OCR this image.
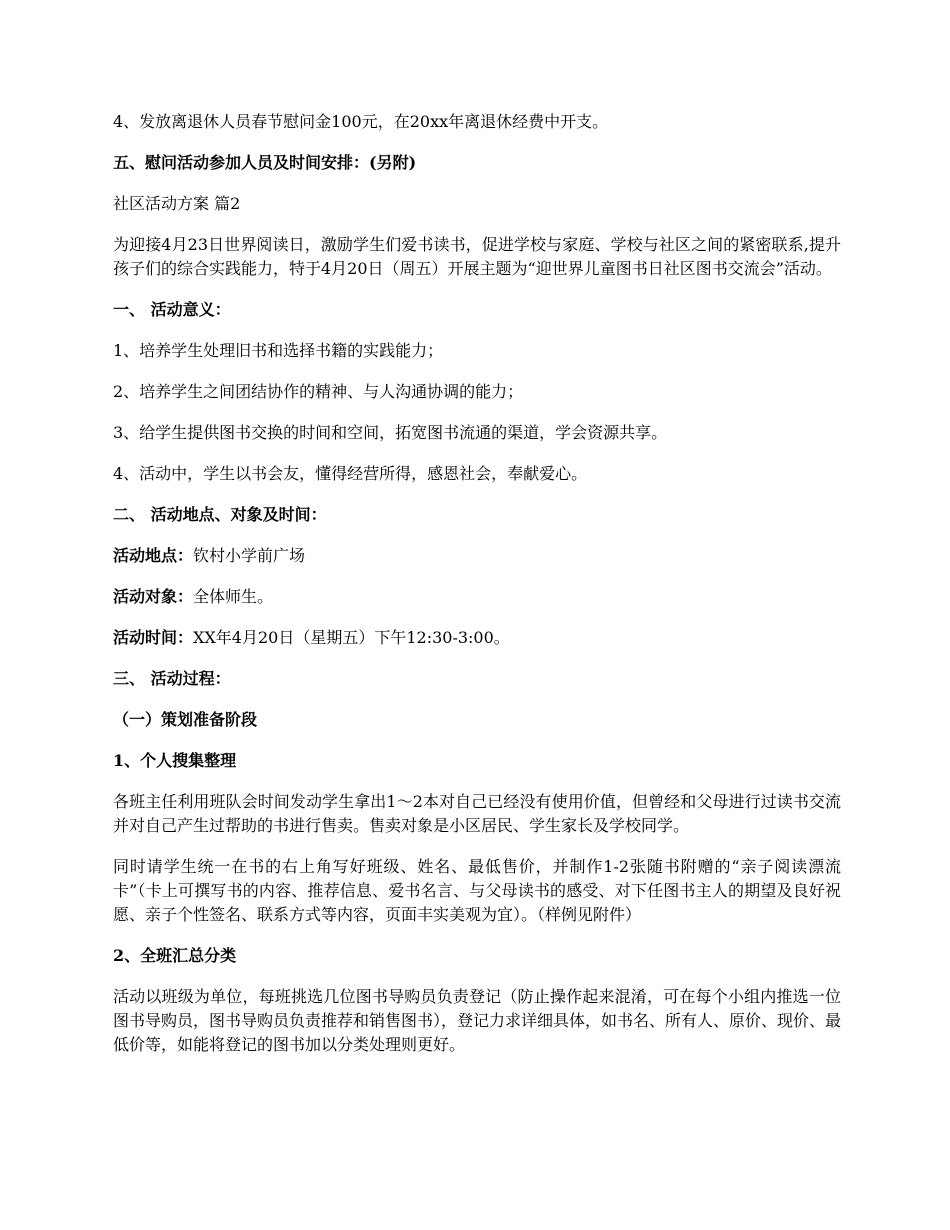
4、发放离退休人员春节慰问金100元，在20xx年离退休经费中开支。

五、慰问活动参加人员及时间安排：(另附)

社区活动方案 篇2

为迎接4月23日世界阅读日，激励学生们爱书读书，促进学校与家庭、学校与社区之间的紧密联系,提升孩子们的综合实践能力，特于4月20日（周五）开展主题为“迎世界儿童图书日社区图书交流会”活动。

一、 活动意义：

1、培养学生处理旧书和选择书籍的实践能力；

2、培养学生之间团结协作的精神、与人沟通协调的能力；

3、给学生提供图书交换的时间和空间，拓宽图书流通的渠道，学会资源共享。

4、活动中，学生以书会友，懂得经营所得，感恩社会，奉献爱心。

二、 活动地点、对象及时间：

活动地点：钦村小学前广场

活动对象：全体师生。

活动时间：XX年4月20日（星期五）下午12:30-3:00。

三、 活动过程：

（一）策划准备阶段

1、个人搜集整理

各班主任利用班队会时间发动学生拿出1～2本对自己已经没有使用价值，但曾经和父母进行过读书交流并对自己产生过帮助的书进行售卖。售卖对象是小区居民、学生家长及学校同学。

同时请学生统一在书的右上角写好班级、姓名、最低售价，并制作1-2张随书附赠的“亲子阅读漂流卡”（卡上可撰写书的内容、推荐信息、爱书名言、与父母读书的感受、对下任图书主人的期望及良好祝愿、亲子个性签名、联系方式等内容，页面丰实美观为宜）。（样例见附件）

2、全班汇总分类

活动以班级为单位，每班挑选几位图书导购员负责登记（防止操作起来混淆，可在每个小组内推选一位图书导购员，图书导购员负责推荐和销售图书），登记力求详细具体，如书名、所有人、原价、现价、最低价等，如能将登记的图书加以分类处理则更好。
